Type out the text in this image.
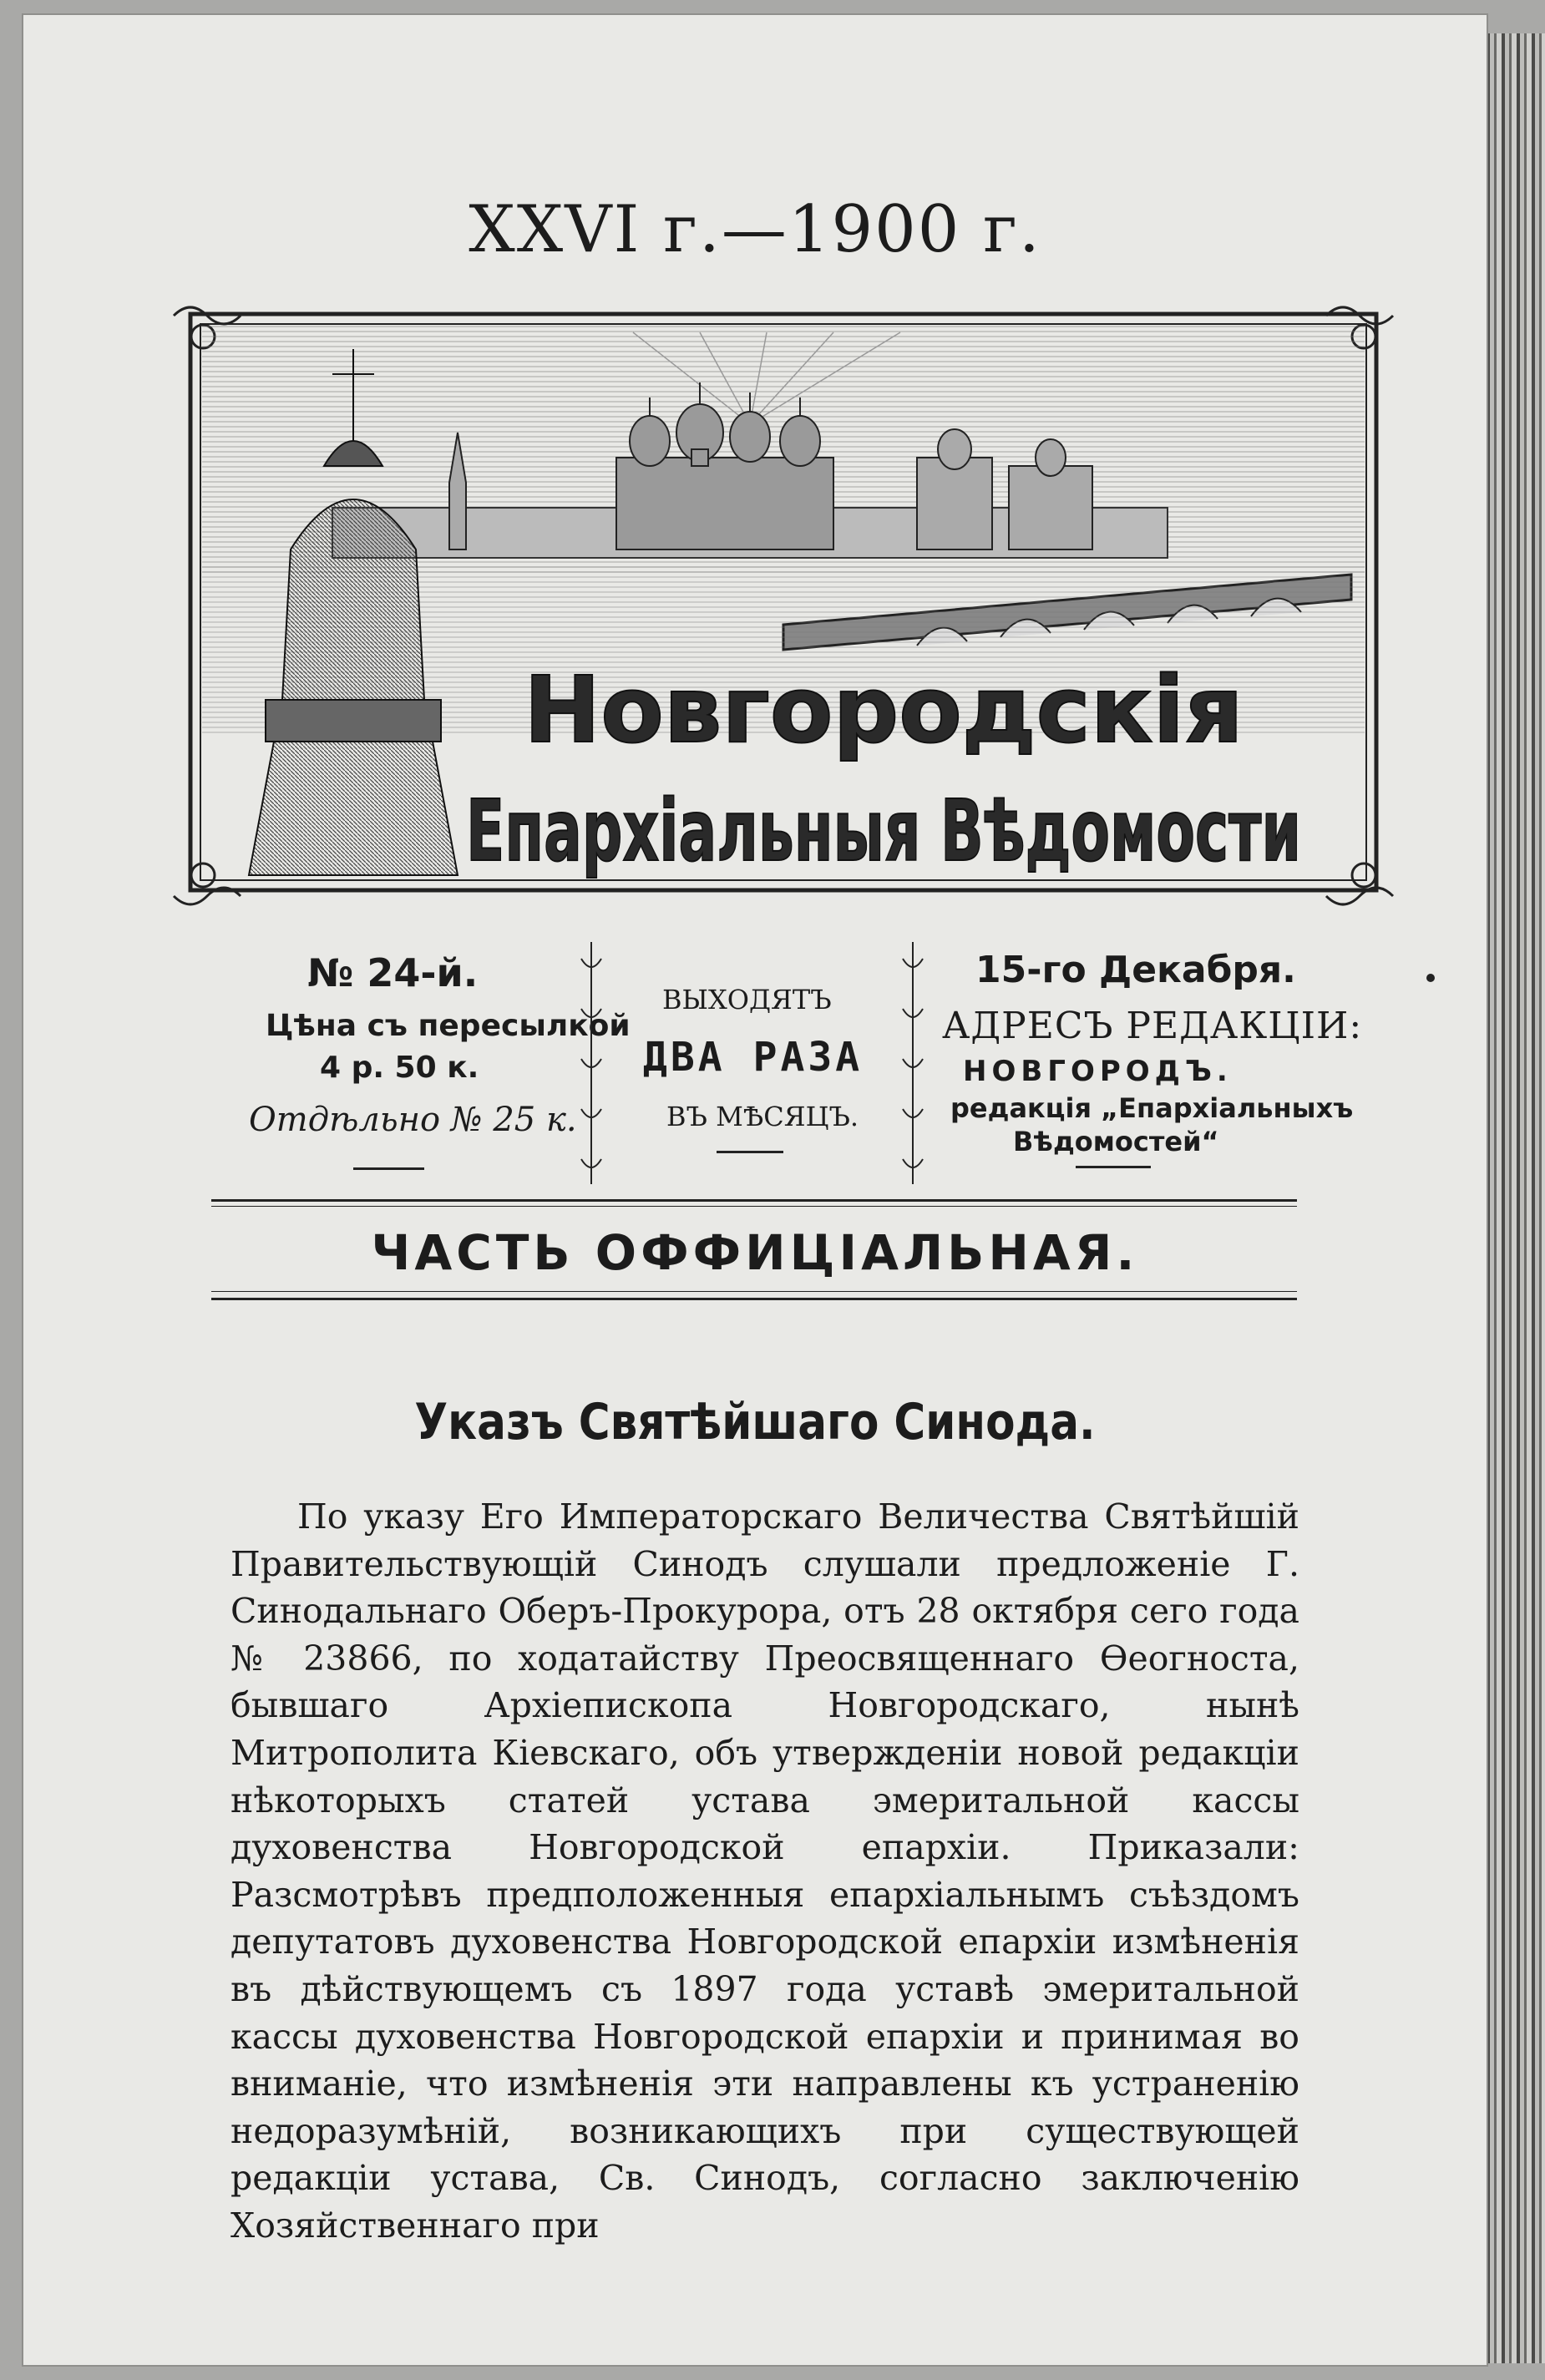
XXVI г.—1900 г.
Новгородскія
Епархіальныя Вѣдомости
№ 24-й.
Цѣна съ пересылкой
4 р. 50 к.
Отдѣльно № 25 к.
ВЫХОДЯТЪ
ДВА РАЗА
ВЪ МѢСЯЦЪ.
15-го Декабря.
АДРЕСЪ РЕДАКЦІИ:
НОВГОРОДЪ.
редакція „Епархіальныхъ
Вѣдомостей“
ЧАСТЬ ОФФИЦІАЛЬНАЯ.
Указъ Святѣйшаго Синода.

По указу Его Императорскаго Величества Святѣйшій Правительствующій Синодъ слушали предложеніе Г. Синодальнаго Оберъ-Прокурора, отъ 28 октября сего года № 23866, по ходатайству Преосвященнаго Ѳеогноста, бывшаго Архіепископа Новгородскаго, нынѣ Митрополита Кіевскаго, объ утвержденіи новой редакціи нѣкоторыхъ статей устава эмеритальной кассы духовенства Новгородской епархіи. Приказали: Разсмотрѣвъ предположенныя епархіальнымъ съѣздомъ депутатовъ духовенства Новгородской епархіи измѣненія въ дѣйствующемъ съ 1897 года уставѣ эмеритальной кассы духовенства Новгородской епархіи и принимая во вниманіе, что измѣненія эти направлены къ устраненію недоразумѣній, возникающихъ при существующей редакціи устава, Св. Синодъ, согласно заключенію Хозяйственнаго при
